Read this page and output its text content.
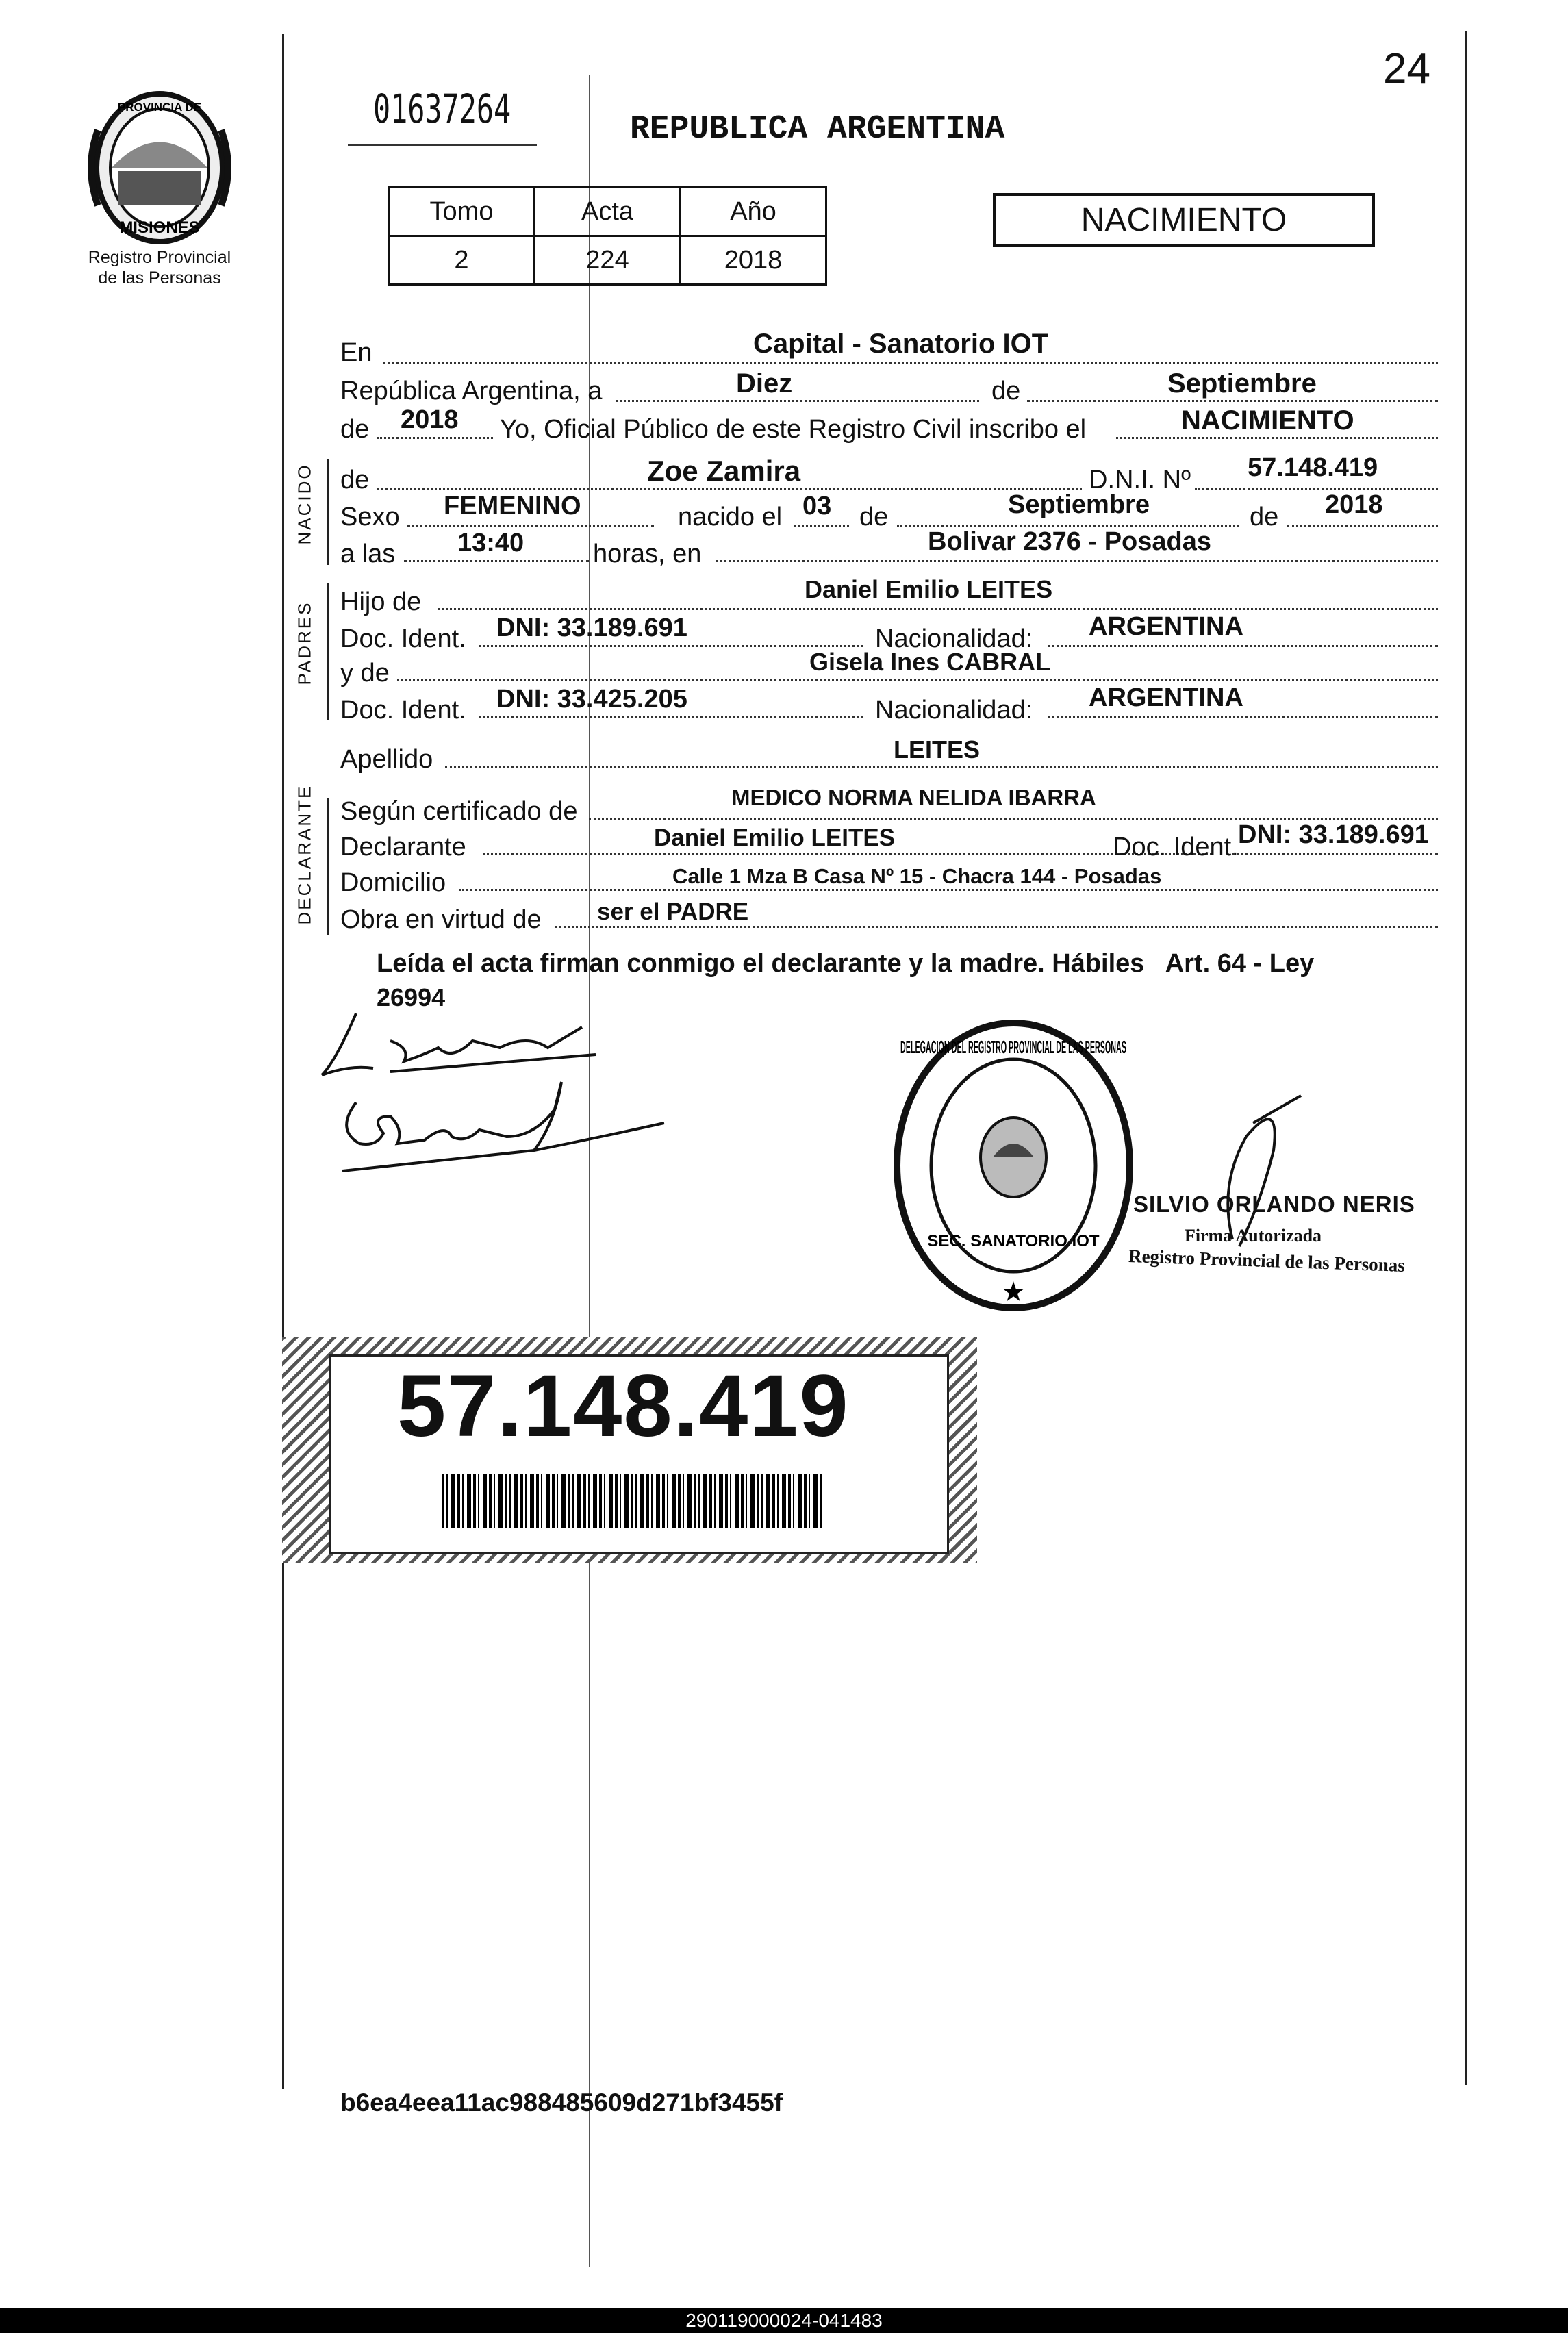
24
PROVINCIA DE
MISIONES
Registro Provincial
de las Personas
01637264	REPUBLICA ARGENTINA
Tomo	Acta	Año
2	224	2018
NACIMIENTO
En	Capital - Sanatorio IOT
República Argentina, a	Diez	de	Septiembre
de 2018 Yo, Oficial Público de este Registro Civil inscribo el	NACIMIENTO
NACIDO de	Zoe Zamira	D.N.I. Nº 57.148.419
Sexo FEMENINO	nacido el 03 de	Septiembre	de 2018
a las 13:40	horas, en	Bolivar 2376 - Posadas
PADRES Hijo de	Daniel Emilio LEITES
Doc. Ident. DNI: 33.189.691	Nacionalidad: ARGENTINA
y de	Gisela Ines CABRAL
Doc. Ident. DNI: 33.425.205	Nacionalidad: ARGENTINA
Apellido	LEITES
DECLARANTE Según certificado de	MEDICO NORMA NELIDA IBARRA
Declarante	Daniel Emilio LEITES	Doc. Ident. DNI: 33.189.691
Domicilio	Calle 1 Mza B Casa Nº 15 - Chacra 144 - Posadas
Obra en virtud de ser el PADRE
Leída el acta firman conmigo el declarante y la madre. Hábiles   Art. 64 - Ley
26994
DELEGACION DEL REGISTRO PROVINCIAL DE LAS PERSONAS
SEC. SANATORIO IOT
★
SILVIO ORLANDO NERIS
Firma Autorizada
Registro Provincial de las Personas
57.148.419
b6ea4eea11ac988485609d271bf3455f
290119000024-041483
